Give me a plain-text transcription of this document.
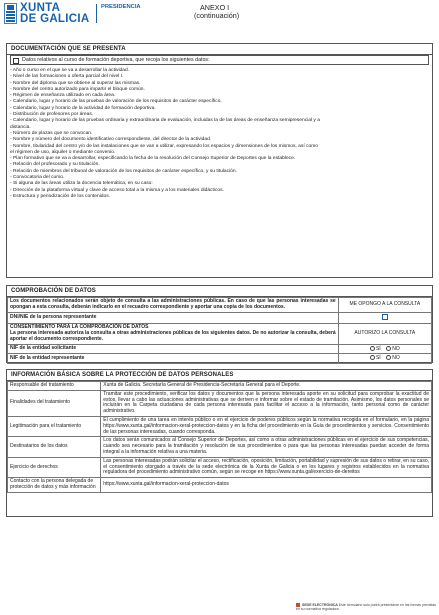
XUNTA
DE GALICIA
PRESIDENCIA	ANEXO I
(continuación)
DOCUMENTACIÓN QUE SE PRESENTA
Datos relativos al curso de formación deportiva, que recoja los siguientes datos:
- Año o curso en el que se va a desarrollar la actividad.
- Nivel de las formaciones u oferta parcial del nivel I.
- Nombre del diploma que se obtiene al superar las mismas.
- Nombre del centro autorizado para impartir el bloque común.
- Régimen de enseñanza utilizado en cada área.
- Calendario, lugar y horario de las pruebas de valoración de los requisitos de carácter específico.
- Calendario, lugar y horario de la actividad de formación deportiva.
- Distribución de profesores por áreas.
- Calendario, lugar y horario de las pruebas ordinaria y extraordinaria de evaluación, incluidas la de las áreas de enseñanza semipresencial y a
distancia.
- Número de plazas que se convocan.
- Nombre y número del documento identificativo correspondiente, del director de la actividad.
- Nombre, titularidad del centro y/o de las instalaciones que se van a utilizar, expresando los espacios y dimensiones de los mismos, así como
el régimen de uso, alquiler o mediante convenio.
- Plan formativo que se va a desarrollar, especificando la fecha de la resolución del Consejo Superior de Deportes que la establece.
- Relación del profesorado y su titulación.
- Relación de miembros del tribunal de valoración de los requisitos de carácter específico, y su titulación.
- Convocatoria del curso.
- Si alguna de las áreas utiliza la docencia telemática, en su caso:
- Dirección de la plataforma virtual y clave de acceso total a la misma y a los materiales didácticos.
- Estructura y periodización de los contenidos.
COMPROBACIÓN DE DATOS
Los documentos relacionados serán objeto de consulta a las administraciones públicas. En caso de que las personas interesadas se opongan a esta consulta, deberán indicarlo en el recuadro correspondiente y aportar una copia de los documentos.	ME OPONGO A LA CONSULTA
DNI/NIE de la persona representante	

CONSENTIMIENTO PARA LA COMPROBACIÓN DE DATOS
La persona interesada autoriza la consulta a otras administraciones públicas de los siguientes datos. De no autorizar la consulta, deberá aportar el documento correspondiente.	AUTORIZO LA CONSULTA
NIF de la entidad solicitante	SÍ NO
NIF de la entidad representante	SÍ NO
INFORMACIÓN BÁSICA SOBRE LA PROTECCIÓN DE DATOS PERSONALES
Responsable del tratamiento	Xunta de Galicia. Secretaría General de Presidencia-Secretaría General para el Deporte.
Finalidades del tratamiento	Tramitar este procedimiento, verificar los datos y documentos que la persona interesada aporte en su solicitud para comprobar la exactitud de estos, llevar a cabo las actuaciones administrativas que se deriven e informar sobre el estado de tramitación. Asimismo, los datos personales se incluirán en la Carpeta ciudadana de cada persona interesada para facilitar el acceso a la información, tanto personal como de carácter administrativo.
Legitimación para el tratamiento	El cumplimiento de una tarea en interés público o en el ejercicio de poderes públicos según la normativa recogida en el formulario, en la página https://www.xunta.gal/informacion-xeral-proteccion-datos y en la ficha del procedimiento en la Guía de procedimientos y servicios. Consentimiento de las personas interesadas, cuando corresponda.
Destinatarios de los datos	Los datos serán comunicados al Consejo Superior de Deportes, así como a otras administraciones públicas en el ejercicio de sus competencias, cuando sea necesario para la tramitación y resolución de sus procedimientos o para que las personas interesadas puedan acceder de forma integral a la información relativa a una materia.
Ejercicio de derechos	Las personas interesadas podrán solicitar el acceso, rectificación, oposición, limitación, portabilidad y supresión de sus datos o retirar, en su caso, el consentimiento otorgado a través de la sede electrónica de la Xunta de Galicia o en los lugares y registros establecidos en la normativa reguladora del procedimiento administrativo común, según se recoge en https://www.xunta.gal/exercicio-de-dereitos
Contacto con la persona delegada de protección de datos y más información	https://www.xunta.gal/informacion-xeral-proteccion-datos
SEDE ELECTRÓNICA Este formulario solo podrá presentarse en las formas previstas en su normativa reguladora.
